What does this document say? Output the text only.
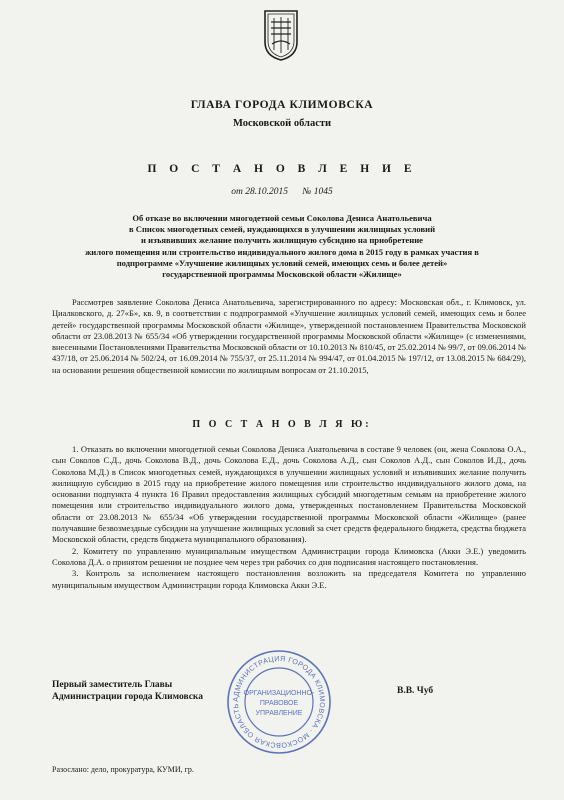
ГЛАВА ГОРОДА КЛИМОВСКА
Московской области
П О С Т А Н О В Л Е Н И Е
от 28.10.2015 № 1045
Об отказе во включении многодетной семьи Соколова Дениса Анатольевича
в Список многодетных семей, нуждающихся в улучшении жилищных условий
и изъявивших желание получить жилищную субсидию на приобретение
жилого помещения или строительство индивидуального жилого дома в 2015 году в рамках участия в
подпрограмме «Улучшение жилищных условий семей, имеющих семь и более детей»
государственной программы Московской области «Жилище»

Рассмотрев заявление Соколова Дениса Анатольевича, зарегистрированного по адресу: Московская обл., г. Климовск, ул. Циалковского, д. 27«Б», кв. 9, в соответствии с подпрограммой «Улучшение жилищных условий семей, имеющих семь и более детей» государственной программы Московской области «Жилище», утвержденной постановлением Правительства Московской области от 23.08.2013 № 655/34 «Об утверждении государственной программы Московской области «Жилище» (с изменениями, внесенными Постановлениями Правительства Московской области от 10.10.2013 № 810/45, от 25.02.2014 № 99/7, от 09.06.2014 № 437/18, от 25.06.2014 № 502/24, от 16.09.2014 № 755/37, от 25.11.2014 № 994/47, от 01.04.2015 № 197/12, от 13.08.2015 № 684/29), на основании решения общественной комиссии по жилищным вопросам от 21.10.2015,

П О С Т А Н О В Л Я Ю:

1. Отказать во включении многодетной семьи Соколова Дениса Анатольевича в составе 9 человек (он, жена Соколова О.А., сын Соколов С.Д., дочь Соколова В.Д., дочь Соколова Е.Д., дочь Соколова А.Д., сын Соколов А.Д., сын Соколов И.Д., дочь Соколова М.Д.) в Список многодетных семей, нуждающихся в улучшении жилищных условий и изъявивших желание получить жилищную субсидию в 2015 году на приобретение жилого помещения или строительство индивидуального жилого дома, на основании подпункта 4 пункта 16 Правил предоставления жилищных субсидий многодетным семьям на приобретение жилого помещения или строительство индивидуального жилого дома, утвержденных постановлением Правительства Московской области от 23.08.2013 № 655/34 «Об утверждении государственной программы Московской области «Жилище» (ранее получавшие безвозмездные субсидии на улучшение жилищных условий за счет средств федерального бюджета, средства бюджета Московской области, средств бюджета муниципального образования).

2. Комитету по управлению муниципальным имуществом Администрации города Климовска (Акки Э.Е.) уведомить Соколова Д.А. о принятом решении не позднее чем через три рабочих со дня подписания настоящего постановления.

3. Контроль за исполнением настоящего постановления возложить на председателя Комитета по управлению муниципальным имуществом Администрации города Климовска Акки Э.Е.

Первый заместитель Главы
Администрации города Климовска
В.В. Чуб
АДМИНИСТРАЦИЯ ГОРОДА КЛИМОВСКА · МОСКОВСКАЯ ОБЛАСТЬ
ОРГАНИЗАЦИОННО-
ПРАВОВОЕ
УПРАВЛЕНИЕ
Разослано: дело, прокуратура, КУМИ, гр.
